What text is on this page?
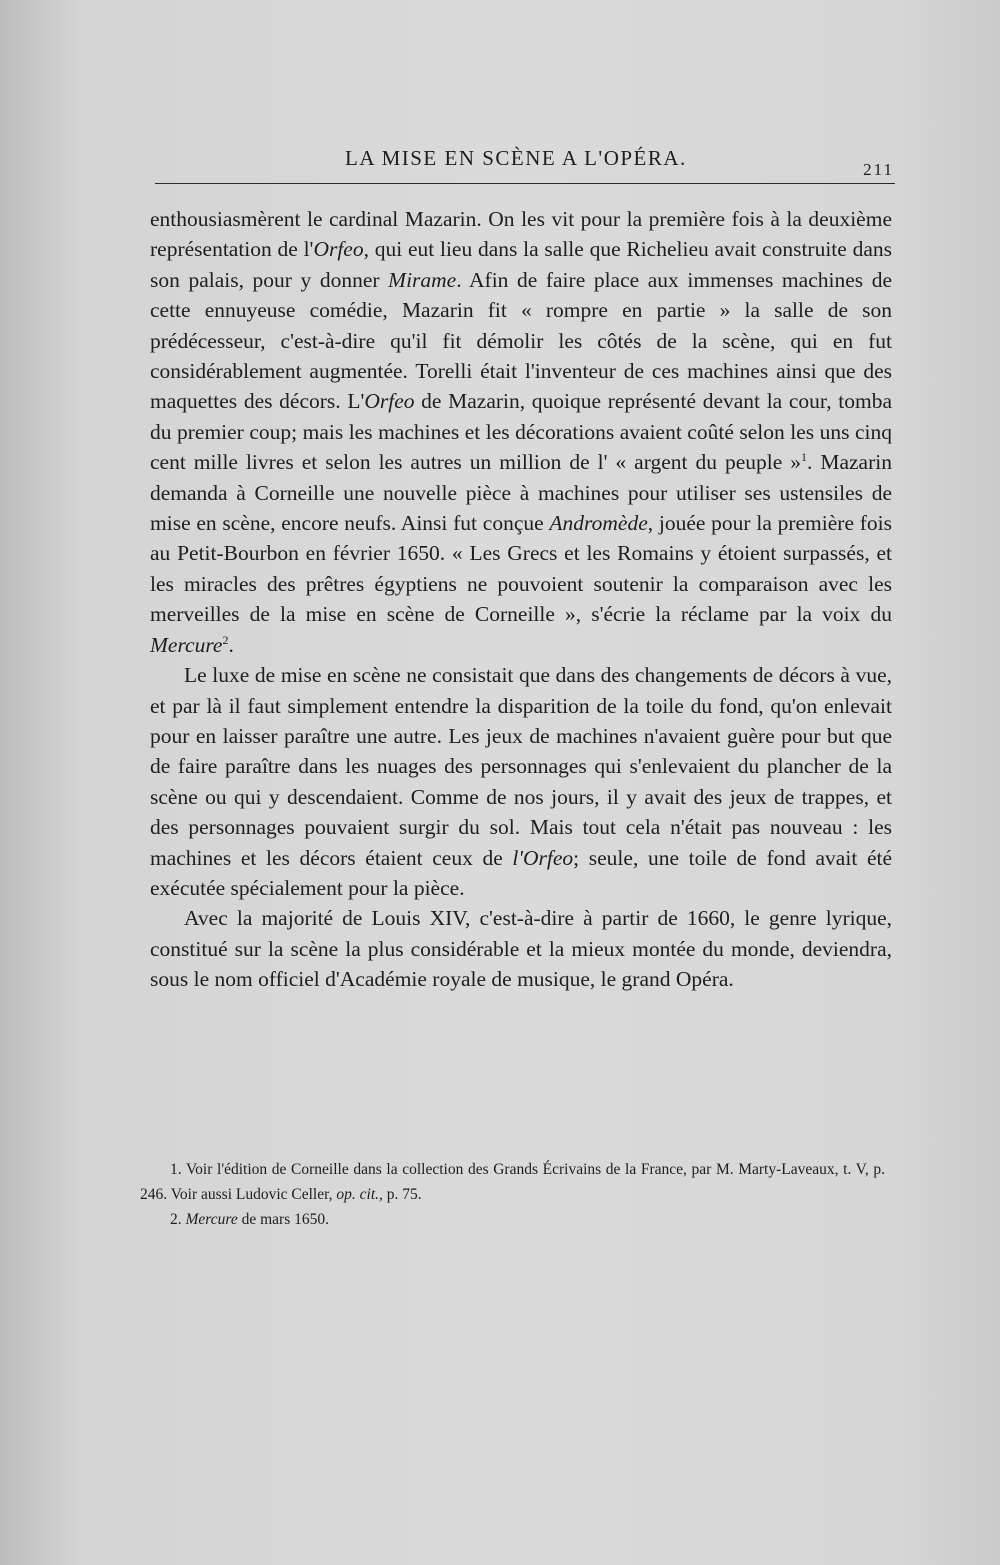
LA MISE EN SCÈNE A L'OPÉRA.	211

enthousiasmèrent le cardinal Mazarin. On les vit pour la première fois à la deuxième représentation de l'Orfeo, qui eut lieu dans la salle que Richelieu avait construite dans son palais, pour y donner Mirame. Afin de faire place aux immenses machines de cette ennuyeuse comédie, Mazarin fit « rompre en partie » la salle de son prédécesseur, c'est-à-dire qu'il fit démolir les côtés de la scène, qui en fut considérablement augmentée. Torelli était l'inventeur de ces machines ainsi que des maquettes des décors. L'Orfeo de Mazarin, quoique représenté devant la cour, tomba du premier coup; mais les machines et les décorations avaient coûté selon les uns cinq cent mille livres et selon les autres un million de l' « argent du peuple »$^1$. Mazarin demanda à Corneille une nouvelle pièce à machines pour utiliser ses ustensiles de mise en scène, encore neufs. Ainsi fut conçue Andromède, jouée pour la première fois au Petit-Bourbon en février 1650. « Les Grecs et les Romains y étoient surpassés, et les miracles des prêtres égyptiens ne pouvoient soutenir la comparaison avec les merveilles de la mise en scène de Corneille », s'écrie la réclame par la voix du Mercure$^2$.

Le luxe de mise en scène ne consistait que dans des changements de décors à vue, et par là il faut simplement entendre la disparition de la toile du fond, qu'on enlevait pour en laisser paraître une autre. Les jeux de machines n'avaient guère pour but que de faire paraître dans les nuages des personnages qui s'enlevaient du plancher de la scène ou qui y descendaient. Comme de nos jours, il y avait des jeux de trappes, et des personnages pouvaient surgir du sol. Mais tout cela n'était pas nouveau : les machines et les décors étaient ceux de l'Orfeo; seule, une toile de fond avait été exécutée spécialement pour la pièce.

Avec la majorité de Louis XIV, c'est-à-dire à partir de 1660, le genre lyrique, constitué sur la scène la plus considérable et la mieux montée du monde, deviendra, sous le nom officiel d'Académie royale de musique, le grand Opéra.

1. Voir l'édition de Corneille dans la collection des Grands Écrivains de la France, par M. Marty-Laveaux, t. V, p. 246. Voir aussi Ludovic Celler, op. cit., p. 75.

2. Mercure de mars 1650.
